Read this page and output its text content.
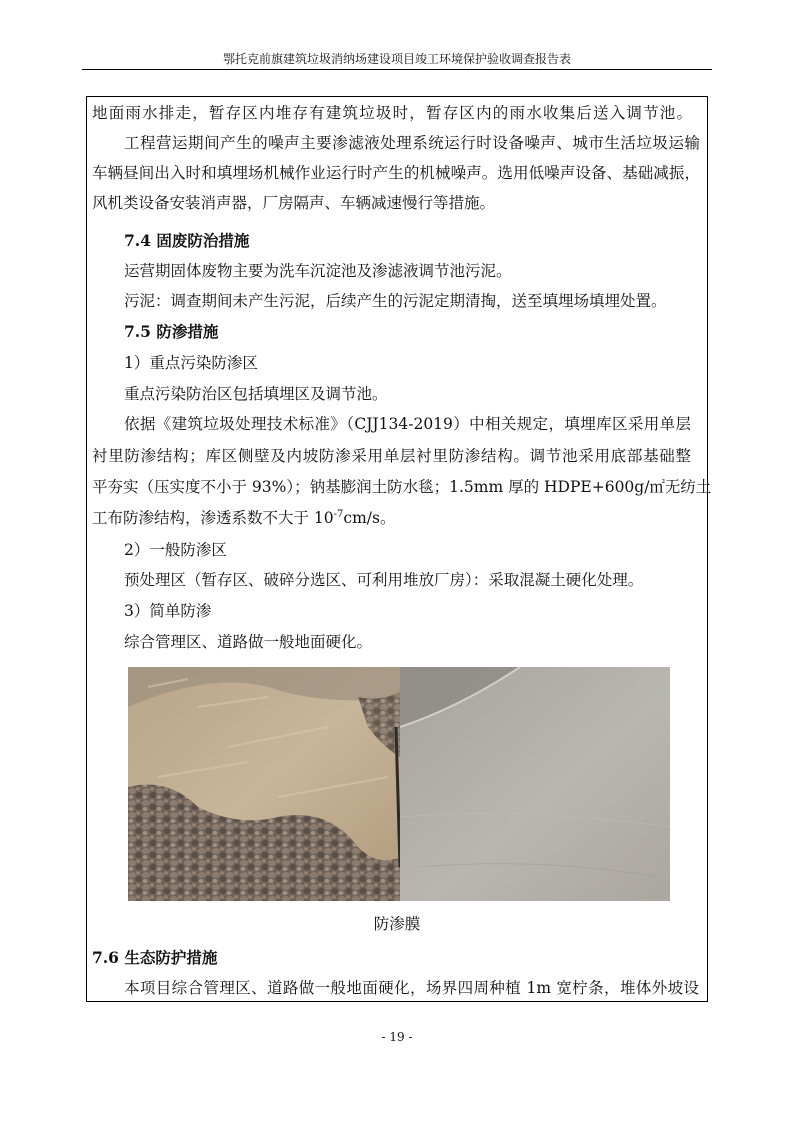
鄂托克前旗建筑垃圾消纳场建设项目竣工环境保护验收调查报告表
地面雨水排走，暂存区内堆存有建筑垃圾时，暂存区内的雨水收集后送入调节池。
工程营运期间产生的噪声主要渗滤液处理系统运行时设备噪声、城市生活垃圾运输
车辆昼间出入时和填埋场机械作业运行时产生的机械噪声。选用低噪声设备、基础减振，
风机类设备安装消声器，厂房隔声、车辆减速慢行等措施。
7.4 固废防治措施
运营期固体废物主要为洗车沉淀池及渗滤液调节池污泥。
污泥：调查期间未产生污泥，后续产生的污泥定期清掏，送至填埋场填埋处置。
7.5 防渗措施
1）重点污染防渗区
重点污染防治区包括填埋区及调节池。
依据《建筑垃圾处理技术标准》（CJJ134-2019）中相关规定，填埋库区采用单层
衬里防渗结构；库区侧壁及内坡防渗采用单层衬里防渗结构。调节池采用底部基础整
平夯实（压实度不小于 93%）；钠基膨润土防水毯；1.5mm 厚的 HDPE+600g/㎡无纺土
工布防渗结构，渗透系数不大于 $10^{-7}cm/s$。
2）一般防渗区
预处理区（暂存区、破碎分选区、可利用堆放厂房）：采取混凝土硬化处理。
3）简单防渗
综合管理区、道路做一般地面硬化。
防渗膜
7.6 生态防护措施
本项目综合管理区、道路做一般地面硬化，场界四周种植 1m 宽柠条，堆体外坡设
- 19 -
